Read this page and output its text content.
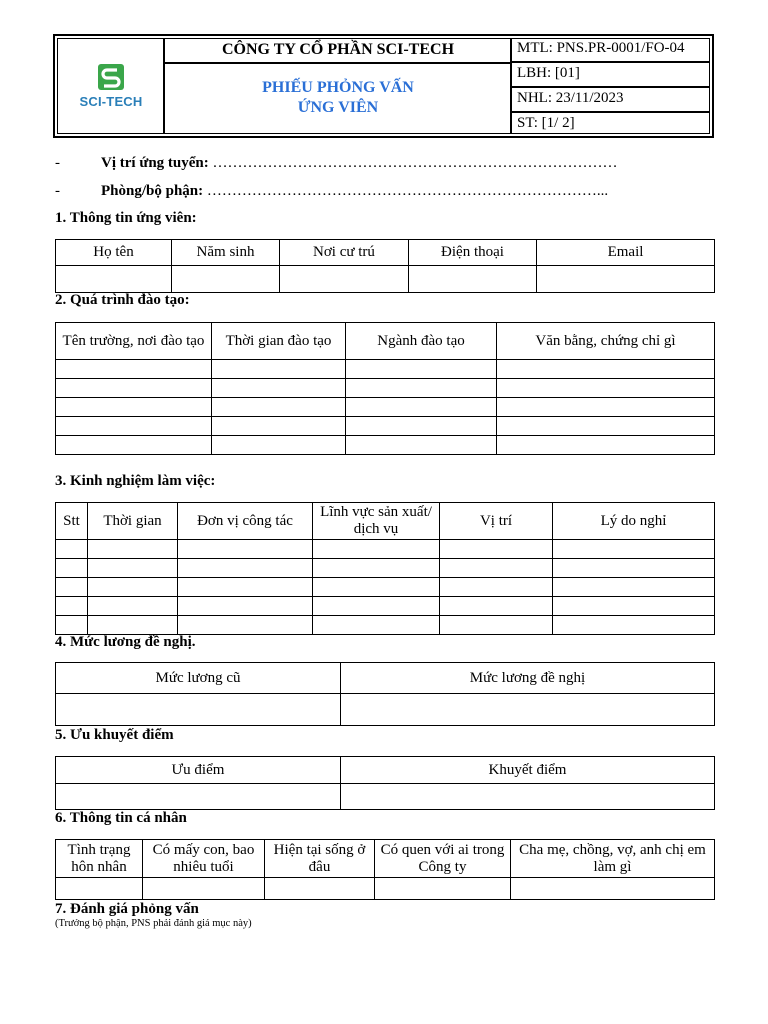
SCI-TECH
CÔNG TY CỔ PHẦN SCI-TECH
PHIẾU PHỎNG VẤN
ỨNG VIÊN
MTL: PNS.PR-0001/FO-04
LBH: [01]
NHL: 23/11/2023
ST: [1/ 2]
-	Vị trí ứng tuyển: ………………………………………………………………………
-	Phòng/bộ phận: ……………………………………………………………………...
1. Thông tin ứng viên:
Họ tên	Năm sinh	Nơi cư trú	Điện thoại	Email

2. Quá trình đào tạo:
Tên trường, nơi đào tạo	Thời gian đào tạo	Ngành đào tạo	Văn bằng, chứng chỉ gì

3. Kinh nghiệm làm việc:
Stt	Thời gian	Đơn vị công tác	Lĩnh vực sản xuất/ dịch vụ	Vị trí	Lý do nghỉ

4. Mức lương đề nghị.
Mức lương cũ	Mức lương đề nghị

5. Ưu khuyết điểm
Ưu điểm	Khuyết điểm

6. Thông tin cá nhân
Tình trạng hôn nhân	Có mấy con, bao nhiêu tuổi	Hiện tại sống ở đâu	Có quen với ai trong Công ty	Cha mẹ, chồng, vợ, anh chị em làm gì

7. Đánh giá phỏng vấn
(Trưởng bộ phận, PNS phải đánh giá mục này)
